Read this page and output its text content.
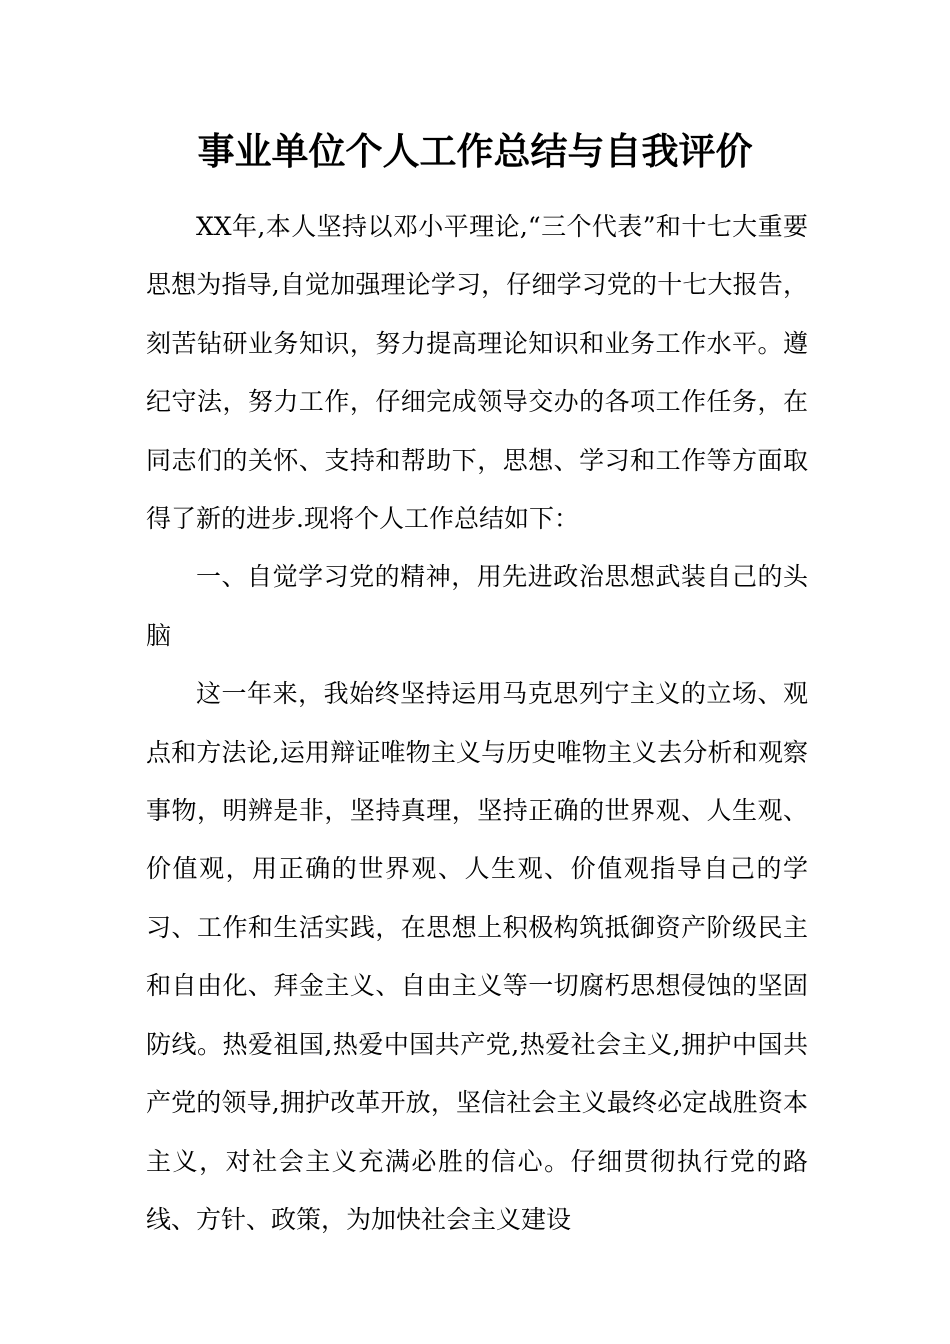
事业单位个人工作总结与自我评价

XX年,本人坚持以邓小平理论,“三个代表”和十七大重要思想为指导,自觉加强理论学习，仔细学习党的十七大报告，刻苦钻研业务知识，努力提高理论知识和业务工作水平。遵纪守法，努力工作，仔细完成领导交办的各项工作任务，在同志们的关怀、支持和帮助下，思想、学习和工作等方面取得了新的进步.现将个人工作总结如下：

一、自觉学习党的精神，用先进政治思想武装自己的头脑

这一年来，我始终坚持运用马克思列宁主义的立场、观点和方法论,运用辩证唯物主义与历史唯物主义去分析和观察事物，明辨是非，坚持真理，坚持正确的世界观、人生观、价值观，用正确的世界观、人生观、价值观指导自己的学习、工作和生活实践，在思想上积极构筑抵御资产阶级民主和自由化、拜金主义、自由主义等一切腐朽思想侵蚀的坚固防线。热爱祖国,热爱中国共产党,热爱社会主义,拥护中国共产党的领导,拥护改革开放，坚信社会主义最终必定战胜资本主义，对社会主义充满必胜的信心。仔细贯彻执行党的路线、方针、政策，为加快社会主义建设
